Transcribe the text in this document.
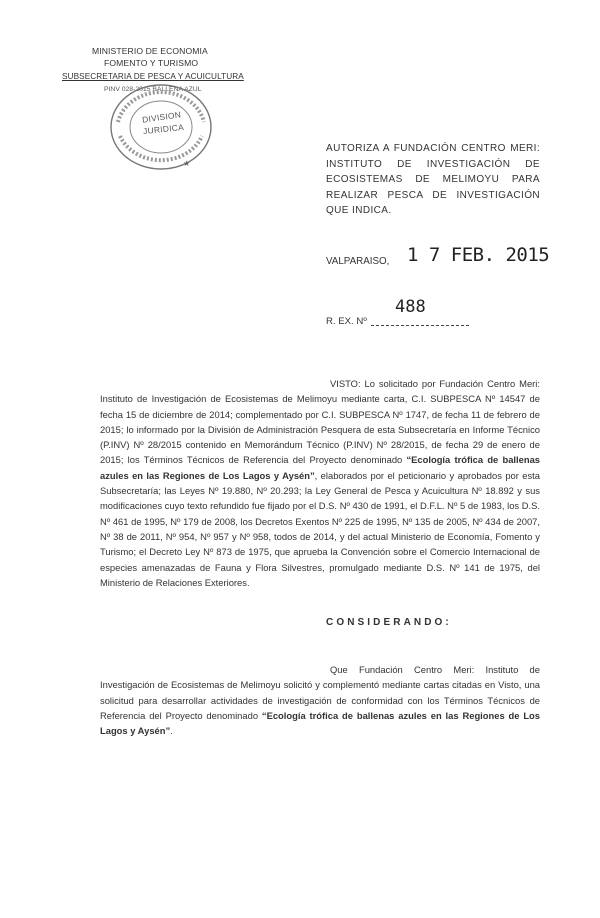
MINISTERIO DE ECONOMIA
FOMENTO Y TURISMO
SUBSECRETARIA DE PESCA Y ACUICULTURA
PINV 028-2015 BALLENA AZUL
★
DIVISION
JURIDICA
AUTORIZA A FUNDACIÓN CENTRO MERI: INSTITUTO DE INVESTIGACIÓN DE ECOSISTEMAS DE MELIMOYU PARA REALIZAR PESCA DE INVESTIGACIÓN QUE INDICA.
VALPARAISO, 1 7 FEB. 2015
R. EX. Nº
488
VISTO: Lo solicitado por Fundación Centro Meri: Instituto de Investigación de Ecosistemas de Melimoyu mediante carta, C.I. SUBPESCA Nº 14547 de fecha 15 de diciembre de 2014; complementado por C.I. SUBPESCA Nº 1747, de fecha 11 de febrero de 2015; lo informado por la División de Administración Pesquera de esta Subsecretaría en Informe Técnico (P.INV) Nº 28/2015 contenido en Memorándum Técnico (P.INV) Nº 28/2015, de fecha 29 de enero de 2015; los Términos Técnicos de Referencia del Proyecto denominado “Ecología trófica de ballenas azules en las Regiones de Los Lagos y Aysén”, elaborados por el peticionario y aprobados por esta Subsecretaría; las Leyes Nº 19.880, Nº 20.293; la Ley General de Pesca y Acuicultura Nº 18.892 y sus modificaciones cuyo texto refundido fue fijado por el D.S. Nº 430 de 1991, el D.F.L. Nº 5 de 1983, los D.S. Nº 461 de 1995, Nº 179 de 2008, los Decretos Exentos Nº 225 de 1995, Nº 135 de 2005, Nº 434 de 2007, Nº 38 de 2011, Nº 954, Nº 957 y Nº 958, todos de 2014, y del actual Ministerio de Economía, Fomento y Turismo; el Decreto Ley Nº 873 de 1975, que aprueba la Convención sobre el Comercio Internacional de especies amenazadas de Fauna y Flora Silvestres, promulgado mediante D.S. Nº 141 de 1975, del Ministerio de Relaciones Exteriores.
CONSIDERANDO:
Que Fundación Centro Meri: Instituto de Investigación de Ecosistemas de Melimoyu solicitó y complementó mediante cartas citadas en Visto, una solicitud para desarrollar actividades de investigación de conformidad con los Términos Técnicos de Referencia del Proyecto denominado “Ecología trófica de ballenas azules en las Regiones de Los Lagos y Aysén”.
